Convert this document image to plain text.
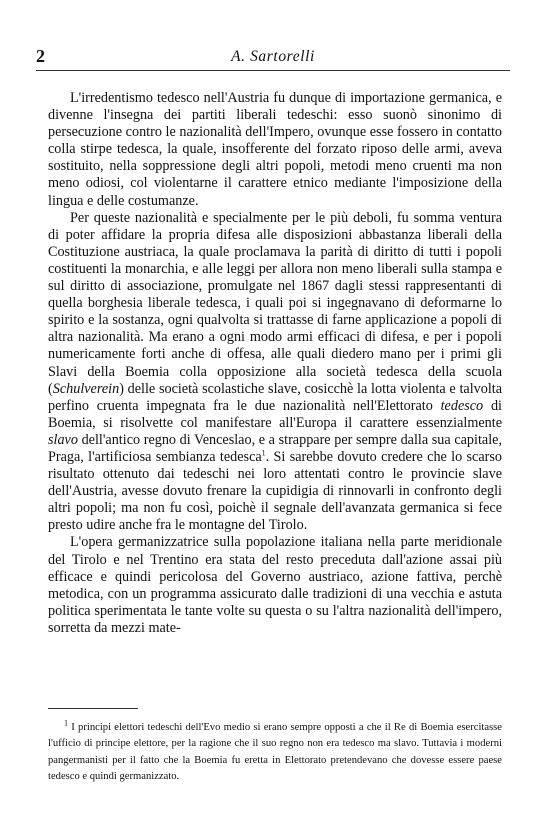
2	A. Sartorelli

L'irredentismo tedesco nell'Austria fu dunque di importazione germanica, e divenne l'insegna dei partiti liberali tedeschi: esso suonò sinonimo di persecuzione contro le nazionalità dell'Impero, ovunque esse fossero in contatto colla stirpe tedesca, la quale, insofferente del forzato riposo delle armi, aveva sostituito, nella soppressione degli altri popoli, metodi meno cruenti ma non meno odiosi, col violentarne il carattere etnico mediante l'imposizione della lingua e delle costumanze.

Per queste nazionalità e specialmente per le più deboli, fu somma ventura di poter affidare la propria difesa alle disposizioni abbastanza liberali della Costituzione austriaca, la quale proclamava la parità di diritto di tutti i popoli costituenti la monarchia, e alle leggi per allora non meno liberali sulla stampa e sul diritto di associazione, promulgate nel 1867 dagli stessi rappresentanti di quella borghesia liberale tedesca, i quali poi si ingegnavano di deformarne lo spirito e la sostanza, ogni qualvolta si trattasse di farne applicazione a popoli di altra nazionalità. Ma erano a ogni modo armi efficaci di difesa, e per i popoli numericamente forti anche di offesa, alle quali diedero mano per i primi gli Slavi della Boemia colla opposizione alla società tedesca della scuola (Schulverein) delle società scolastiche slave, cosicchè la lotta violenta e talvolta perfino cruenta impegnata fra le due nazionalità nell'Elettorato tedesco di Boemia, si risolvette col manifestare all'Europa il carattere essenzialmente slavo dell'antico regno di Venceslao, e a strappare per sempre dalla sua capitale, Praga, l'artificiosa sembianza tedesca$^1$. Si sarebbe dovuto credere che lo scarso risultato ottenuto dai tedeschi nei loro attentati contro le provincie slave dell'Austria, avesse dovuto frenare la cupidigia di rinnovarli in confronto degli altri popoli; ma non fu così, poichè il segnale dell'avanzata germanica si fece presto udire anche fra le montagne del Tirolo.

L'opera germanizzatrice sulla popolazione italiana nella parte meridionale del Tirolo e nel Trentino era stata del resto preceduta dall'azione assai più efficace e quindi pericolosa del Governo austriaco, azione fattiva, perchè metodica, con un programma assicurato dalle tradizioni di una vecchia e astuta politica sperimentata le tante volte su questa o su l'altra nazionalità dell'impero, sorretta da mezzi mate-

$^1$ I principi elettori tedeschi dell'Evo medio si erano sempre opposti a che il Re di Boemia esercitasse l'ufficio di principe elettore, per la ragione che il suo regno non era tedesco ma slavo. Tuttavia i moderni pangermanisti per il fatto che la Boemia fu eretta in Elettorato pretendevano che dovesse essere paese tedesco e quindi germanizzato.
